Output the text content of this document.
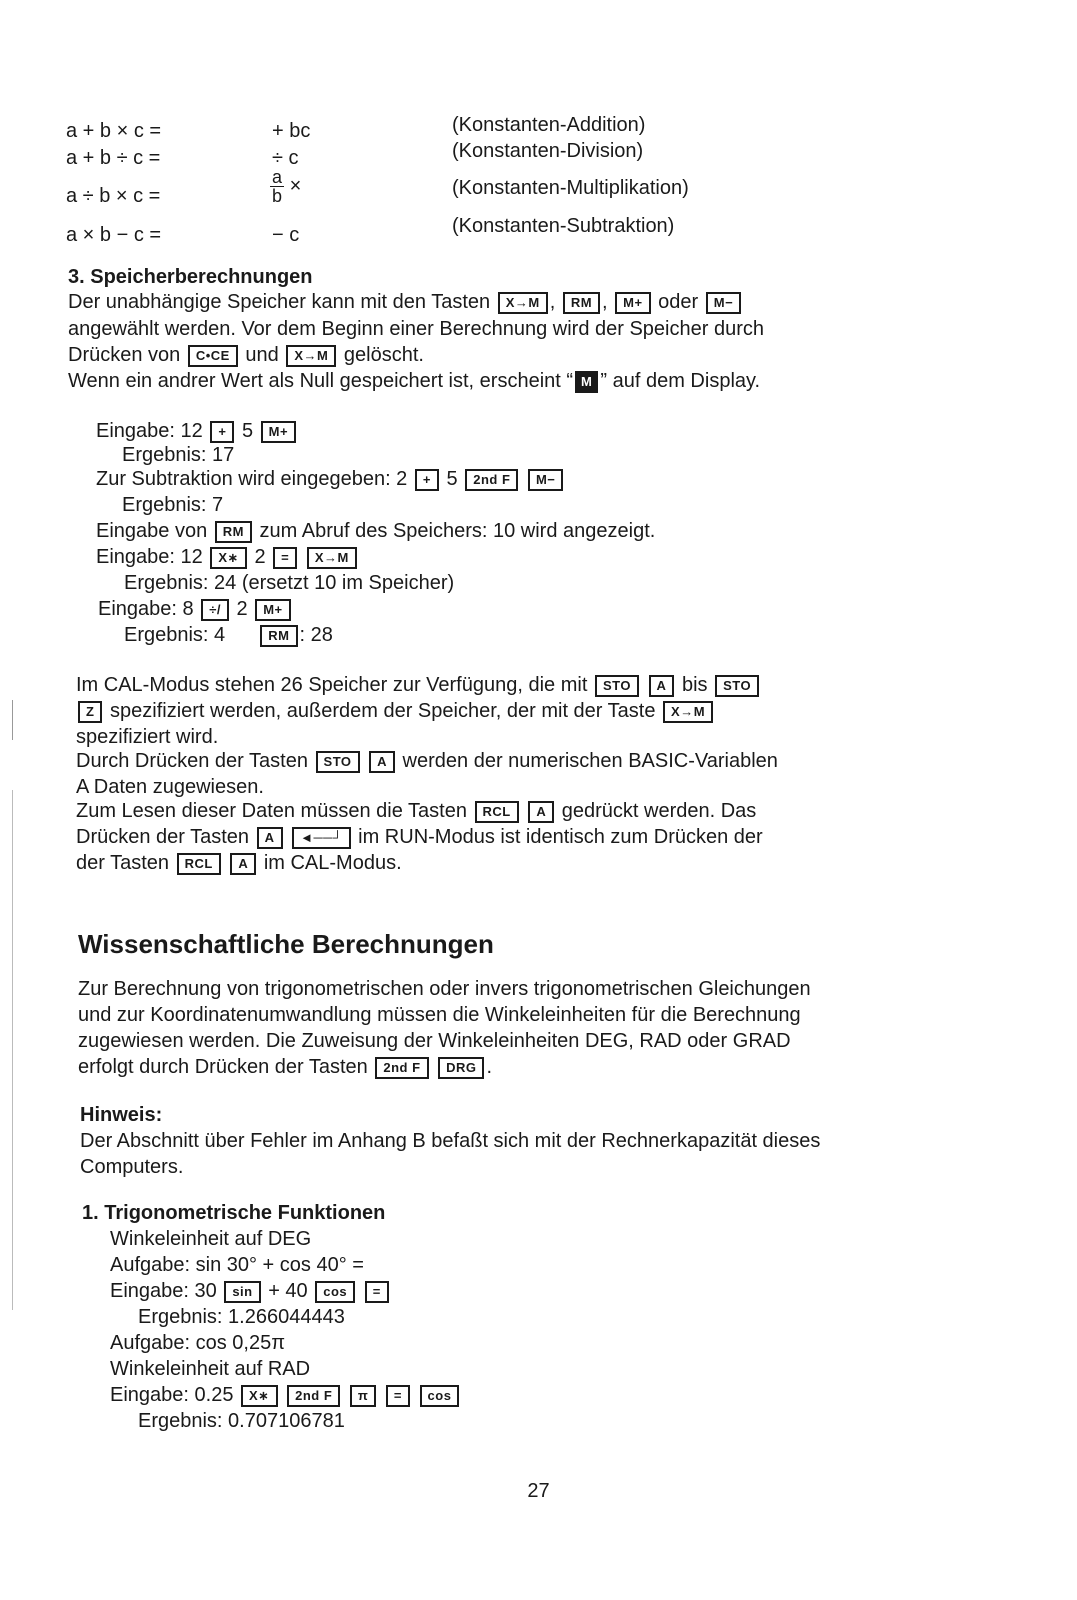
a + b × c =	+ bc	(Konstanten-Addition)
a + b ÷ c =	÷ c	(Konstanten-Division)
a ÷ b × c =	$\frac{a}{b}$ ×	(Konstanten-Multiplikation)
a × b − c =	− c	(Konstanten-Subtraktion)
3. Speicherberechnungen
Der unabhängige Speicher kann mit den Tasten X→M , RM , M+ oder M−
angewählt werden. Vor dem Beginn einer Berechnung wird der Speicher durch
Drücken von C•CE und X→M gelöscht.
Wenn ein andrer Wert als Null gespeichert ist, erscheint “ M ” auf dem Display.
Eingabe: 12 + 5 M+
Ergebnis: 17
Zur Subtraktion wird eingegeben: 2 + 5 2nd F M−
Ergebnis: 7
Eingabe von RM zum Abruf des Speichers: 10 wird angezeigt.
Eingabe: 12 X∗ 2 = X→M
Ergebnis: 24 (ersetzt 10 im Speicher)
Eingabe: 8 ÷/ 2 M+
Ergebnis: 4	RM : 28
Im CAL-Modus stehen 26 Speicher zur Verfügung, die mit STO A bis STO
Z spezifiziert werden, außerdem der Speicher, der mit der Taste X→M
spezifiziert wird.
Durch Drücken der Tasten STO A werden der numerischen BASIC-Variablen
A Daten zugewiesen.
Zum Lesen dieser Daten müssen die Tasten RCL A gedrückt werden. Das
Drücken der Tasten A ◄──┘ im RUN-Modus ist identisch zum Drücken der
der Tasten RCL A im CAL-Modus.
Wissenschaftliche Berechnungen
Zur Berechnung von trigonometrischen oder invers trigonometrischen Gleichungen
und zur Koordinatenumwandlung müssen die Winkeleinheiten für die Berechnung
zugewiesen werden. Die Zuweisung der Winkeleinheiten DEG, RAD oder GRAD
erfolgt durch Drücken der Tasten 2nd F DRG .
Hinweis:
Der Abschnitt über Fehler im Anhang B befaßt sich mit der Rechnerkapazität dieses
Computers.
1. Trigonometrische Funktionen
Winkeleinheit auf DEG
Aufgabe: sin 30° + cos 40° =
Eingabe: 30 sin + 40 cos =
Ergebnis: 1.266044443
Aufgabe: cos 0,25π
Winkeleinheit auf RAD
Eingabe: 0.25 X∗ 2nd F π = cos
Ergebnis: 0.707106781
27
